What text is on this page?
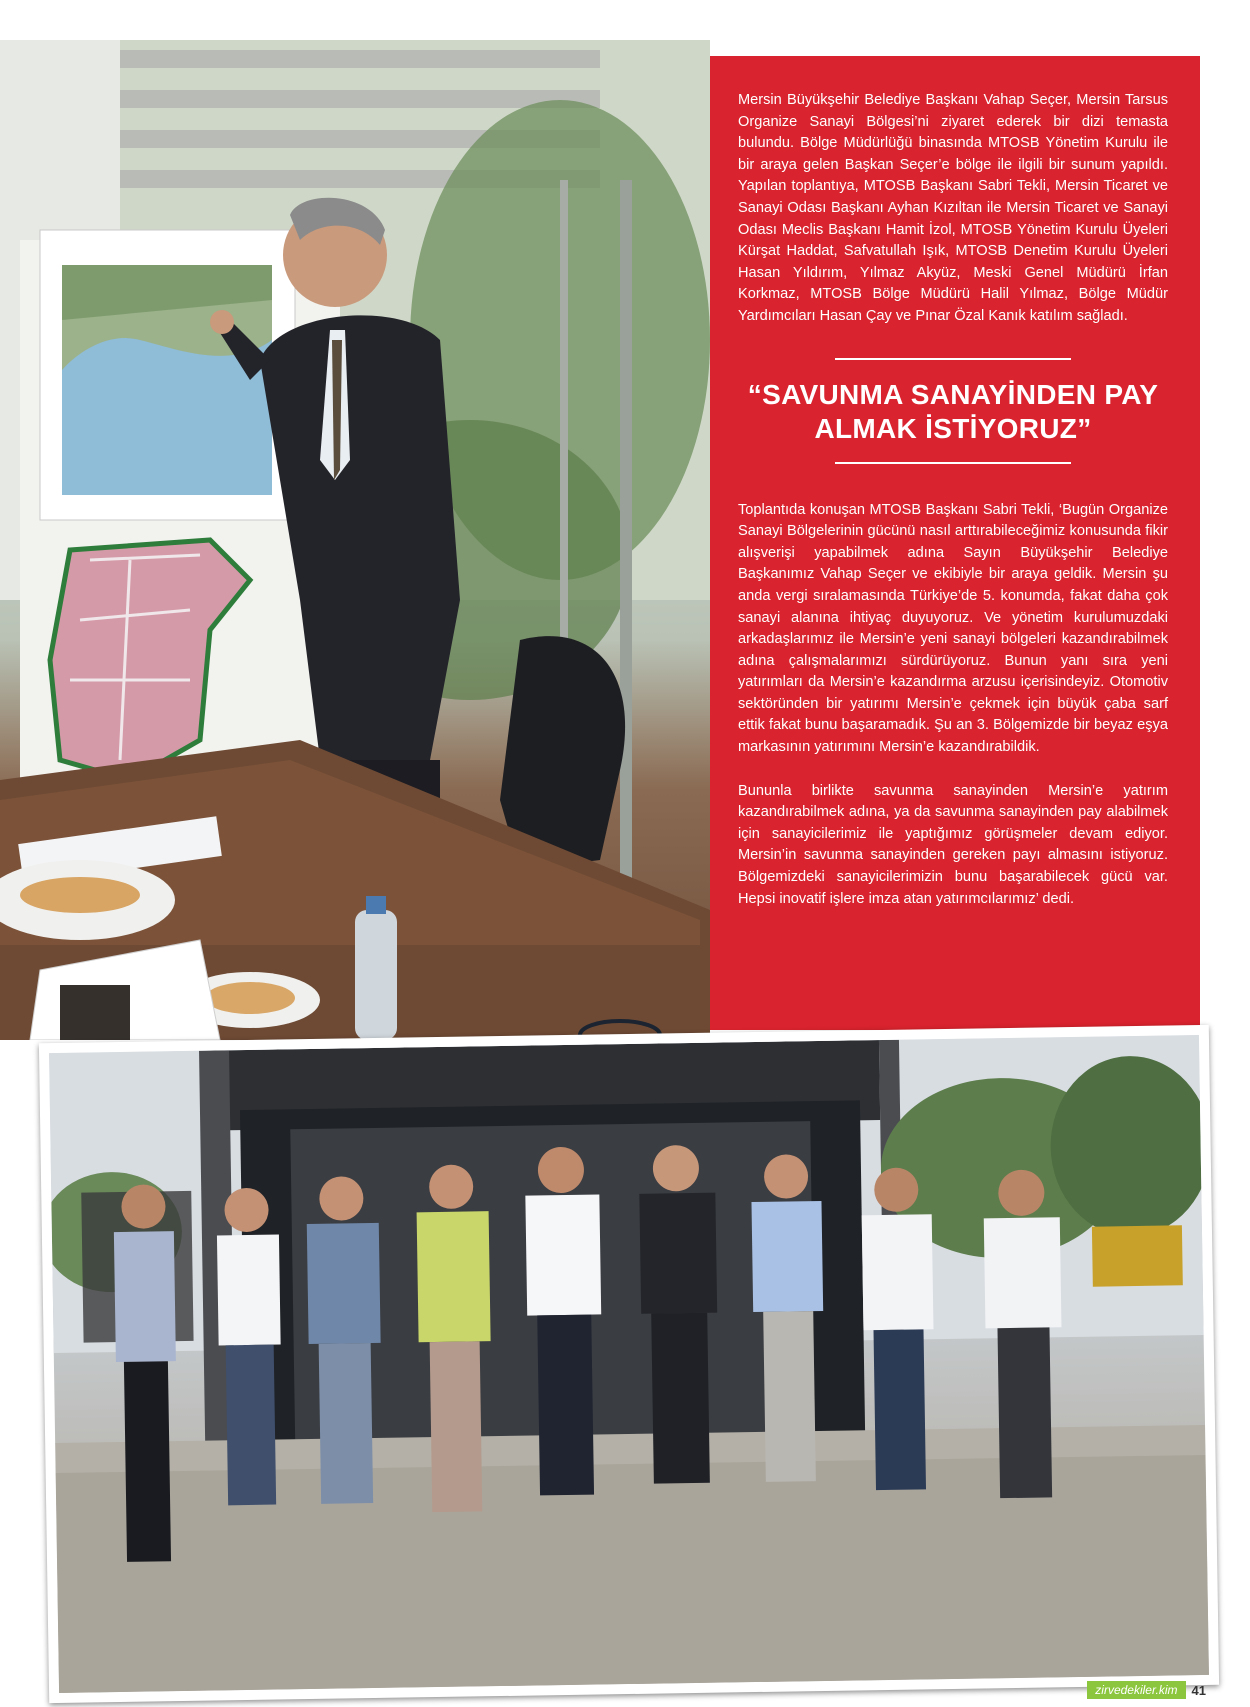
Mersin Büyükşehir Belediye Başkanı Vahap Seçer, Mersin Tarsus Organize Sanayi Bölgesi’ni ziyaret ederek bir dizi temasta bulundu. Bölge Müdürlüğü binasında MTOSB Yönetim Kurulu ile bir araya gelen Başkan Seçer’e bölge ile ilgili bir sunum yapıldı. Yapılan toplantıya, MTOSB Başkanı Sabri Tekli, Mersin Ticaret ve Sanayi Odası Başkanı Ayhan Kızıltan ile Mersin Ticaret ve Sanayi Odası Meclis Başkanı Hamit İzol, MTOSB Yönetim Kurulu Üyeleri Kürşat Haddat, Safvatullah Işık, MTOSB Denetim Kurulu Üyeleri Hasan Yıldırım, Yılmaz Akyüz, Meski Genel Müdürü İrfan Korkmaz, MTOSB Bölge Müdürü Halil Yılmaz, Bölge Müdür Yardımcıları Hasan Çay ve Pınar Özal Kanık katılım sağladı.

“SAVUNMA SANAYİNDEN PAY ALMAK İSTİYORUZ”

Toplantıda konuşan MTOSB Başkanı Sabri Tekli, ‘Bugün Organize Sanayi Bölgelerinin gücünü nasıl arttırabileceğimiz konusunda fikir alışverişi yapabilmek adına Sayın Büyükşehir Belediye Başkanımız Vahap Seçer ve ekibiyle bir araya geldik. Mersin şu anda vergi sıralamasında Türkiye’de 5. konumda, fakat daha çok sanayi alanına ihtiyaç duyuyoruz. Ve yönetim kurulumuzdaki arkadaşlarımız ile Mersin’e yeni sanayi bölgeleri kazandırabilmek adına çalışmalarımızı sürdürüyoruz. Bunun yanı sıra yeni yatırımları da Mersin’e kazandırma arzusu içerisindeyiz. Otomotiv sektöründen bir yatırımı Mersin’e çekmek için büyük çaba sarf ettik fakat bunu başaramadık. Şu an 3. Bölgemizde bir beyaz eşya markasının yatırımını Mersin’e kazandırabildik.

Bununla birlikte savunma sanayinden Mersin’e yatırım kazandırabilmek adına, ya da savunma sanayinden pay alabilmek için sanayicilerimiz ile yaptığımız görüşmeler devam ediyor. Mersin’in savunma sanayinden gereken payı almasını istiyoruz. Bölgemizdeki sanayicilerimizin bunu başarabilecek gücü var. Hepsi inovatif işlere imza atan yatırımcılarımız’ dedi.

zirvedekiler.kim	41
